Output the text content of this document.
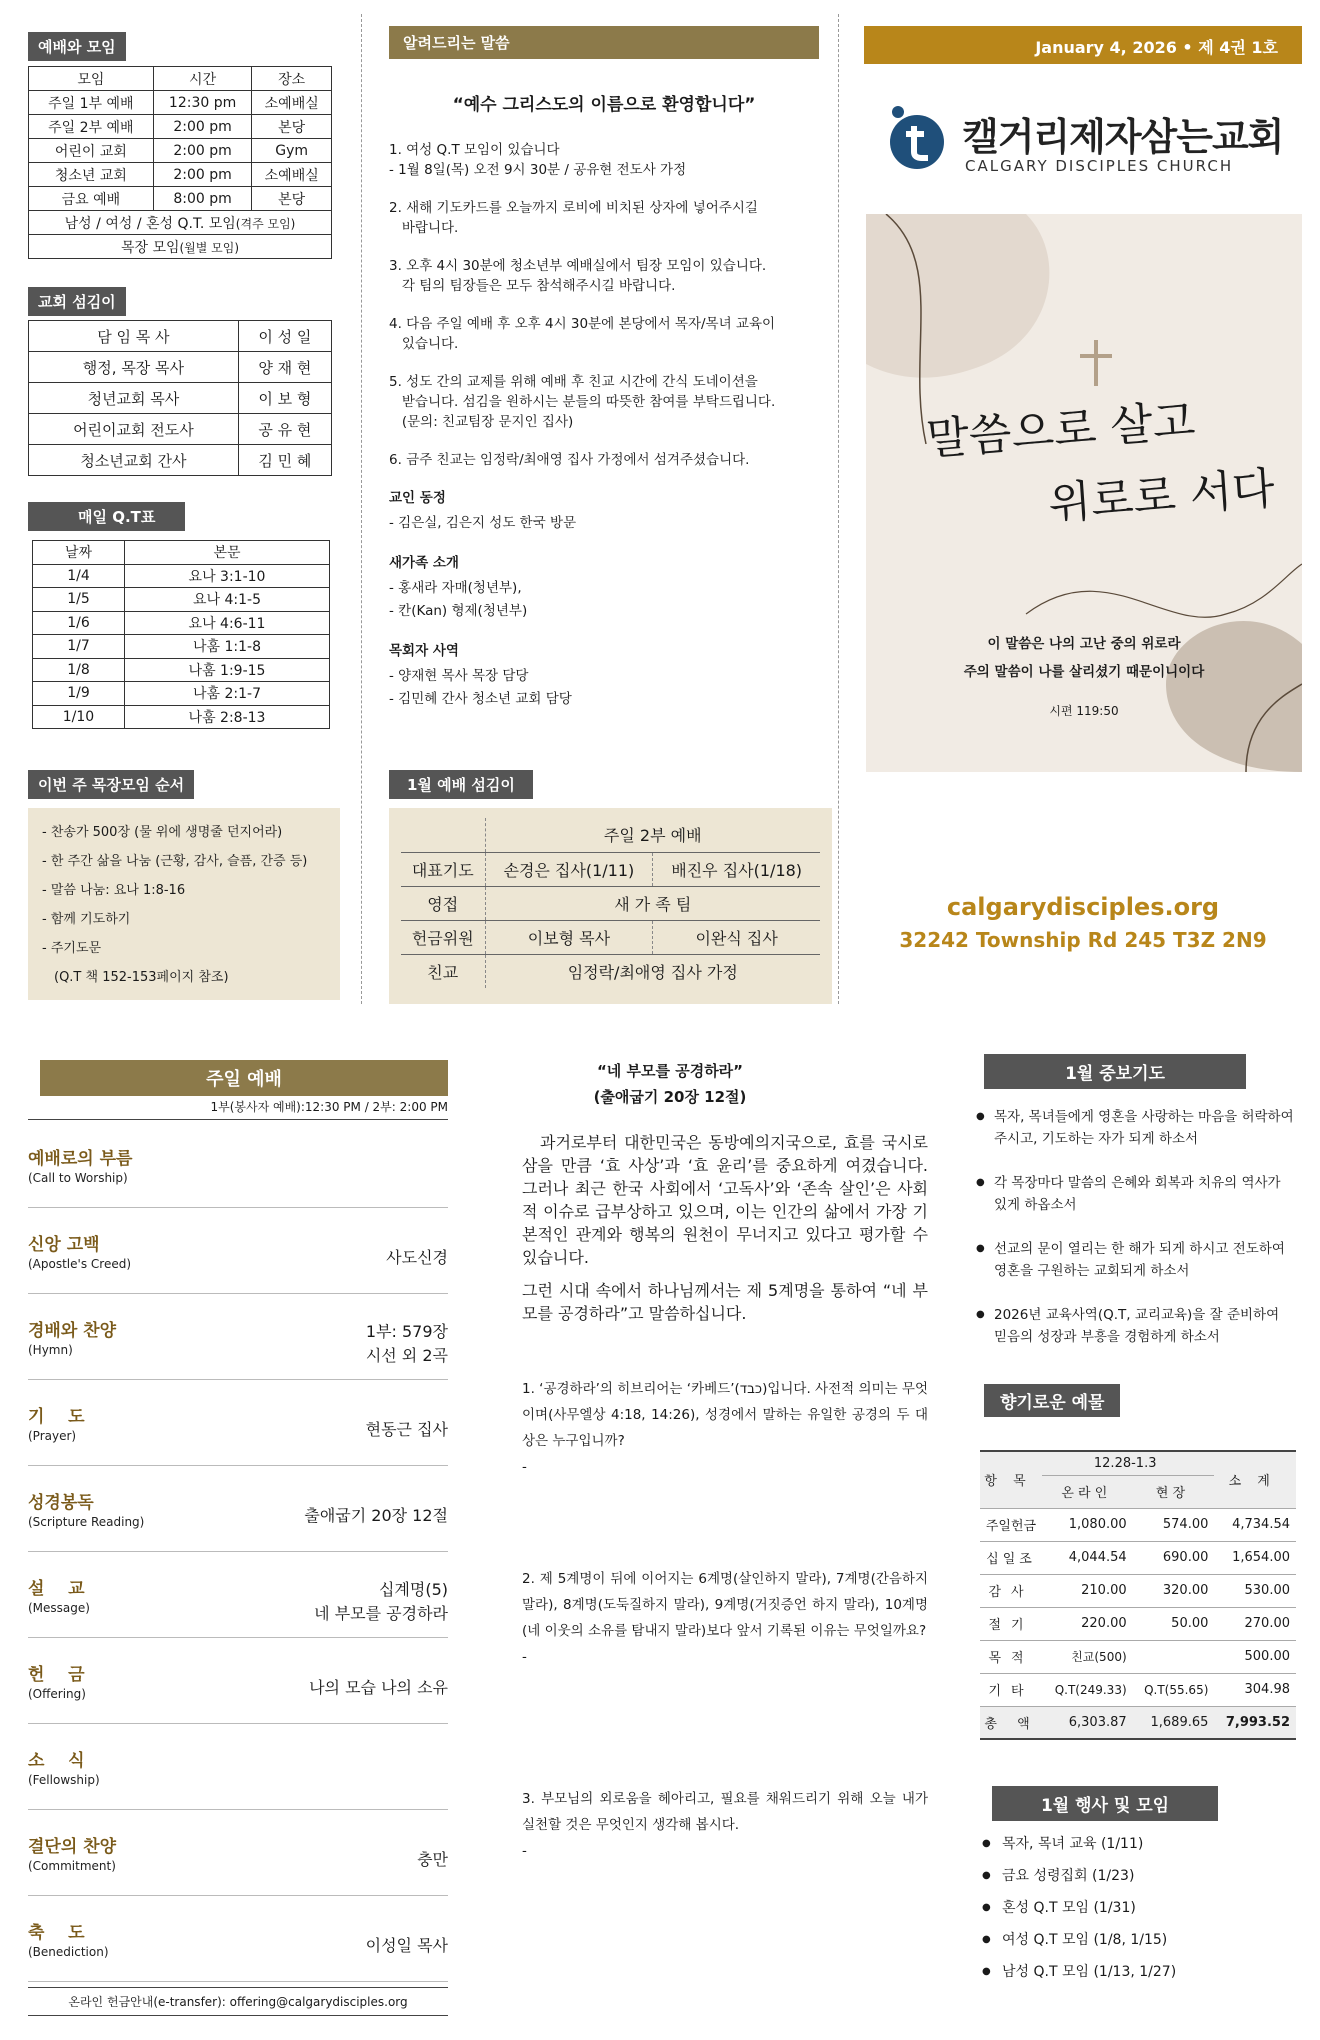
예배와 모임
모임	시간	장소
주일 1부 예배	12:30 pm	소예배실
주일 2부 예배	2:00 pm	본당
어린이 교회	2:00 pm	Gym
청소년 교회	2:00 pm	소예배실
금요 예배	8:00 pm	본당
남성 / 여성 / 혼성 Q.T. 모임(격주 모임)		
목장 모임(월별 모임)		
교회 섬김이
담 임 목 사	이 성 일
행정, 목장 목사	양 재 현
청년교회 목사	이 보 형
어린이교회 전도사	공 유 현
청소년교회 간사	김 민 혜
매일 Q.T표
날짜	본문
1/4	요나 3:1-10
1/5	요나 4:1-5
1/6	요나 4:6-11
1/7	나훔 1:1-8
1/8	나훔 1:9-15
1/9	나훔 2:1-7
1/10	나훔 2:8-13
이번 주 목장모임 순서

- 찬송가 500장 (물 위에 생명줄 던지어라)

- 한 주간 삶을 나눔 (근황, 감사, 슬픔, 간증 등)

- 말씀 나눔: 요나 1:8-16

- 함께 기도하기

- 주기도문

(Q.T 책 152-153페이지 참조)

알려드리는 말씀
“예수 그리스도의 이름으로 환영합니다”

1. 여성 Q.T 모임이 있습니다

- 1월 8일(목) 오전 9시 30분 / 공유현 전도사 가정

2. 새해 기도카드를 오늘까지 로비에 비치된 상자에 넣어주시길

바랍니다.

3. 오후 4시 30분에 청소년부 예배실에서 팀장 모임이 있습니다.

각 팀의 팀장들은 모두 참석해주시길 바랍니다.

4. 다음 주일 예배 후 오후 4시 30분에 본당에서 목자/목녀 교육이

있습니다.

5. 성도 간의 교제를 위해 예배 후 친교 시간에 간식 도네이션을

받습니다. 섬김을 원하시는 분들의 따뜻한 참여를 부탁드립니다.

(문의: 친교팀장 문지인 집사)

6. 금주 친교는 임정락/최애영 집사 가정에서 섬겨주셨습니다.

교인 동정

- 김은실, 김은지 성도 한국 방문

새가족 소개

- 홍새라 자매(청년부),

- 칸(Kan) 형제(청년부)

목회자 사역

- 양재현 목사 목장 담당

- 김민혜 간사 청소년 교회 담당

1월 예배 섬김이
	주일 2부 예배	
대표기도	손경은 집사(1/11)	배진우 집사(1/18)
영접	새 가 족 팀	
헌금위원	이보형 목사	이완식 집사
친교	임정락/최애영 집사 가정	
January 4, 2026 • 제 4권 1호
캘거리제자삼는교회
CALGARY DISCIPLES CHURCH
말씀으로 살고
위로로 서다
이 말씀은 나의 고난 중의 위로라
주의 말씀이 나를 살리셨기 때문이니이다
시편 119:50
calgarydisciples.org
32242 Township Rd 245 T3Z 2N9
주일 예배
1부(봉사자 예배):12:30 PM / 2부: 2:00 PM
예배로의 부름
(Call to Worship)
신앙 고백
(Apostle's Creed)	사도신경
경배와 찬양
(Hymn)
1부: 579장
시선 외 2곡
기    도
(Prayer)	현동근 집사
성경봉독
(Scripture Reading)	출애굽기 20장 12절
설    교
(Message)
십계명(5)
네 부모를 공경하라
헌    금
(Offering)	나의 모습 나의 소유
소    식
(Fellowship)
결단의 찬양
(Commitment)	충만
축    도
(Benediction)	이성일 목사
온라인 헌금안내(e-transfer): offering@calgarydisciples.org
“네 부모를 공경하라”
(출애굽기 20장 12절)
과거로부터 대한민국은 동방예의지국으로, 효를 국시로 삼을 만큼 ‘효 사상’과 ‘효 윤리’를 중요하게 여겼습니다. 그러나 최근 한국 사회에서 ‘고독사’와 ‘존속 살인’은 사회적 이슈로 급부상하고 있으며, 이는 인간의 삶에서 가장 기본적인 관계와 행복의 원천이 무너지고 있다고 평가할 수 있습니다.
그런 시대 속에서 하나님께서는 제 5계명을 통하여 “네 부모를 공경하라”고 말씀하십니다.

1. ‘공경하라’의 히브리어는 ‘카베드’(כבד)입니다. 사전적 의미는 무엇이며(사무엘상 4:18, 14:26), 성경에서 말하는 유일한 공경의 두 대상은 누구입니까?

-

2. 제 5계명이 뒤에 이어지는 6계명(살인하지 말라), 7계명(간음하지 말라), 8계명(도둑질하지 말라), 9계명(거짓증언 하지 말라), 10계명(네 이웃의 소유를 탐내지 말라)보다 앞서 기록된 이유는 무엇일까요?

-

3. 부모님의 외로움을 헤아리고, 필요를 채워드리기 위해 오늘 내가 실천할 것은 무엇인지 생각해 봅시다.

-

1월 중보기도
● 목자, 목녀들에게 영혼을 사랑하는 마음을 허락하여 주시고, 기도하는 자가 되게 하소서
● 각 목장마다 말씀의 은혜와 회복과 치유의 역사가 있게 하옵소서
● 선교의 문이 열리는 한 해가 되게 하시고 전도하여 영혼을 구원하는 교회되게 하소서
● 2026년 교육사역(Q.T, 교리교육)을 잘 준비하여 믿음의 성장과 부흥을 경험하게 하소서
향기로운 예물
항 목	12.28-1.3		소 계
	온 라 인	현 장	
주일헌금	1,080.00	574.00	4,734.54
십일조	4,044.54	690.00	1,654.00
감사	210.00	320.00	530.00
절기	220.00	50.00	270.00
목적	친교(500)		500.00
기타	Q.T(249.33)	Q.T(55.65)	304.98
총 액	6,303.87	1,689.65	7,993.52
1월 행사 및 모임
● 목자, 목녀 교육 (1/11)
● 금요 성령집회 (1/23)
● 혼성 Q.T 모임 (1/31)
● 여성 Q.T 모임 (1/8, 1/15)
● 남성 Q.T 모임 (1/13, 1/27)
